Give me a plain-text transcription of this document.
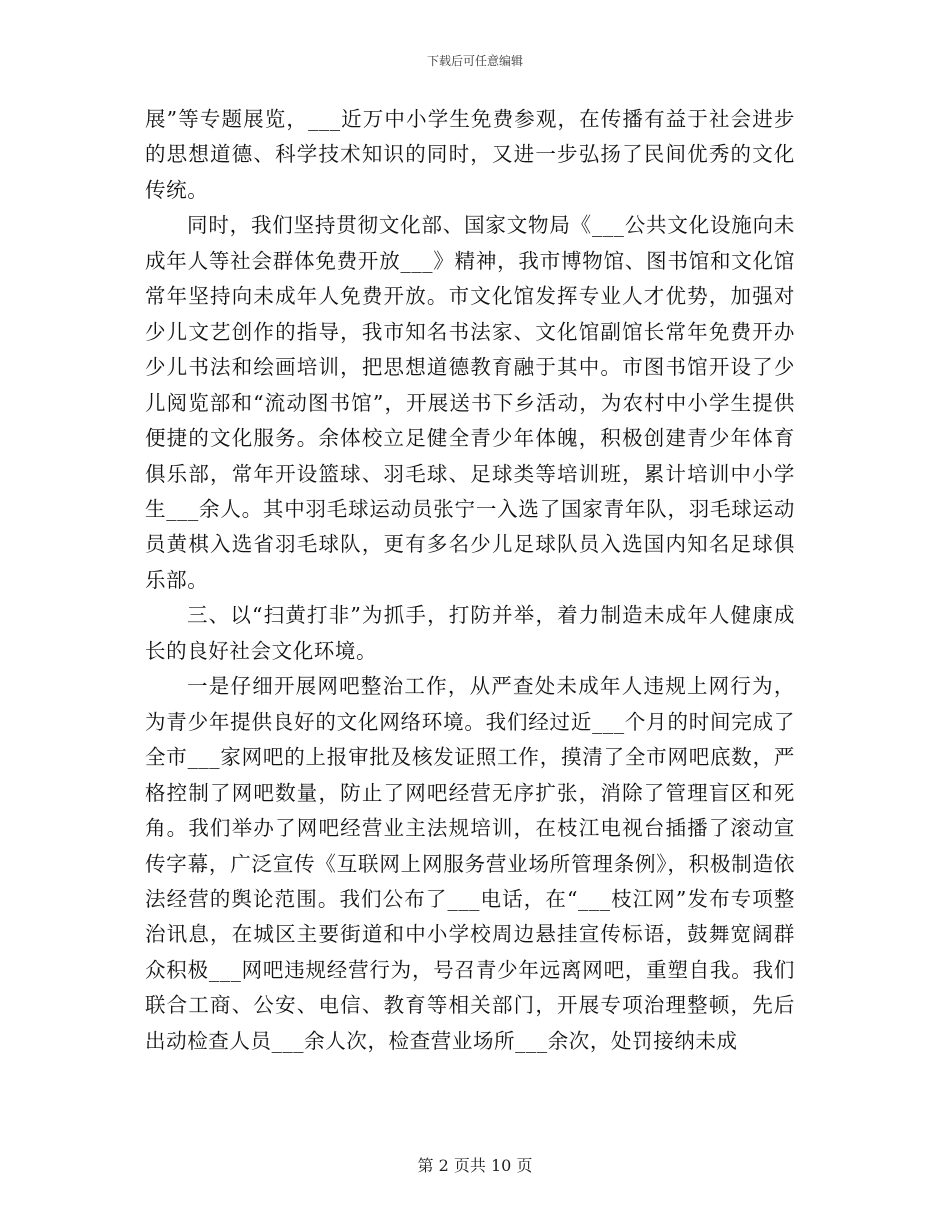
下载后可任意编辑

展”等专题展览，___近万中小学生免费参观，在传播有益于社会进步的思想道德、科学技术知识的同时，又进一步弘扬了民间优秀的文化传统。

同时，我们坚持贯彻文化部、国家文物局《___公共文化设施向未成年人等社会群体免费开放___》精神，我市博物馆、图书馆和文化馆常年坚持向未成年人免费开放。市文化馆发挥专业人才优势，加强对少儿文艺创作的指导，我市知名书法家、文化馆副馆长常年免费开办少儿书法和绘画培训，把思想道德教育融于其中。市图书馆开设了少儿阅览部和“流动图书馆”，开展送书下乡活动，为农村中小学生提供便捷的文化服务。余体校立足健全青少年体魄，积极创建青少年体育俱乐部，常年开设篮球、羽毛球、足球类等培训班，累计培训中小学生___余人。其中羽毛球运动员张宁一入选了国家青年队，羽毛球运动员黄棋入选省羽毛球队，更有多名少儿足球队员入选国内知名足球俱乐部。

三、以“扫黄打非”为抓手，打防并举，着力制造未成年人健康成长的良好社会文化环境。

一是仔细开展网吧整治工作，从严查处未成年人违规上网行为，为青少年提供良好的文化网络环境。我们经过近___个月的时间完成了全市___家网吧的上报审批及核发证照工作，摸清了全市网吧底数，严格控制了网吧数量，防止了网吧经营无序扩张，消除了管理盲区和死角。我们举办了网吧经营业主法规培训，在枝江电视台插播了滚动宣传字幕，广泛宣传《互联网上网服务营业场所管理条例》，积极制造依法经营的舆论范围。我们公布了___电话，在“___枝江网”发布专项整治讯息，在城区主要街道和中小学校周边悬挂宣传标语，鼓舞宽阔群众积极___网吧违规经营行为，号召青少年远离网吧，重塑自我。我们联合工商、公安、电信、教育等相关部门，开展专项治理整顿，先后出动检查人员___余人次，检查营业场所___余次，处罚接纳未成

第 2 页共 10 页
